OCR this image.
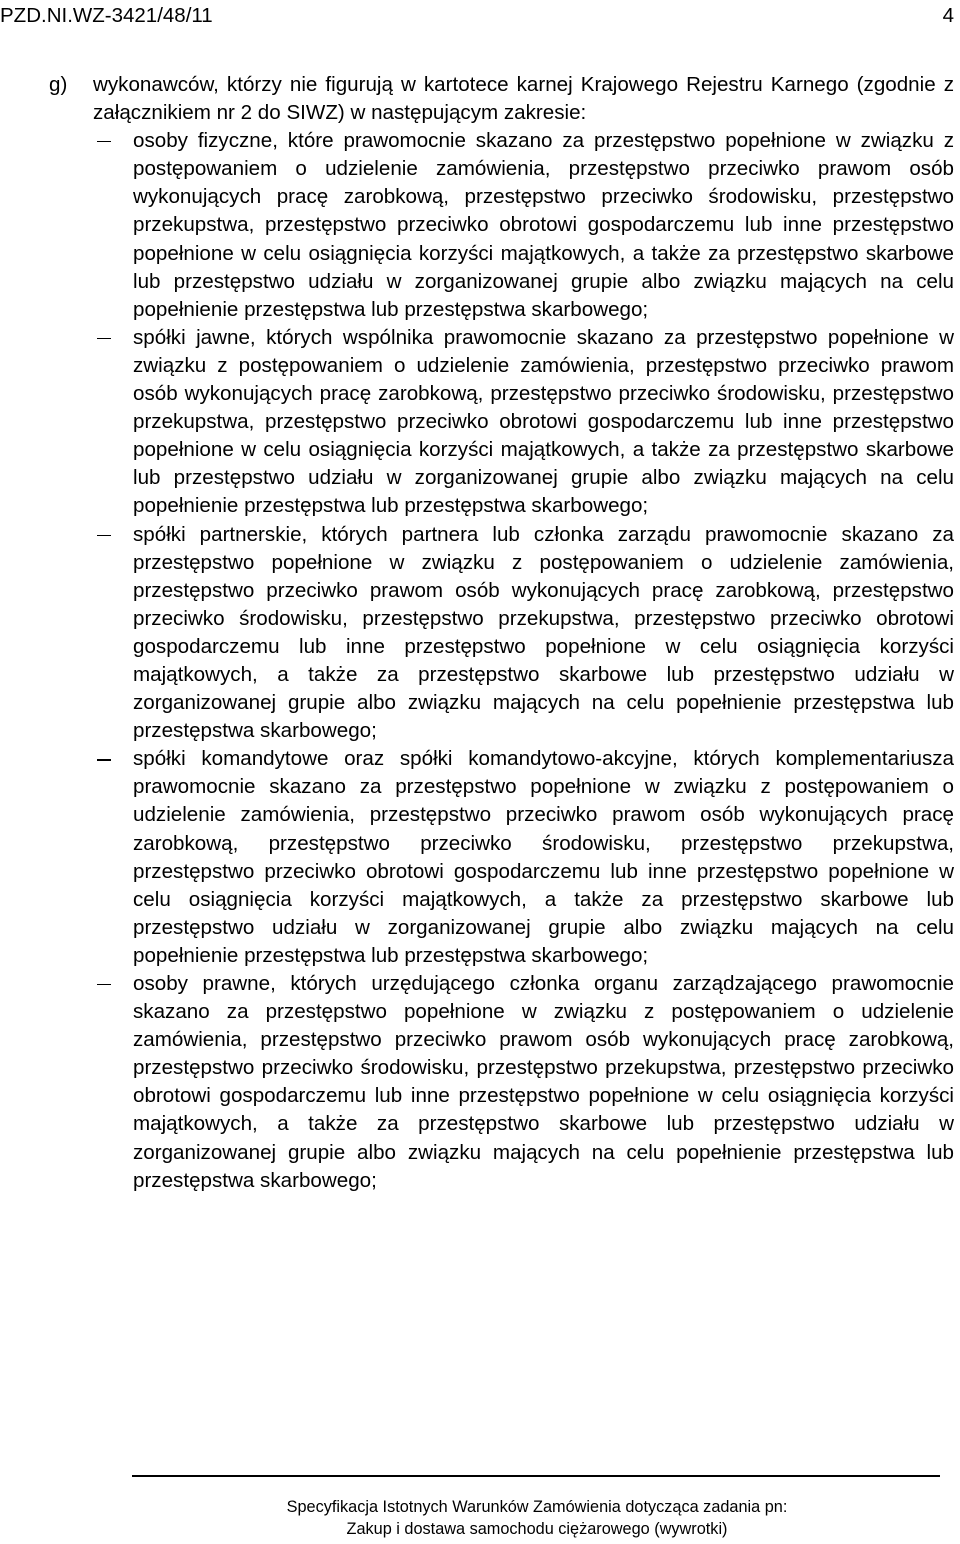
PZD.NI.WZ-3421/48/11	4
g) wykonawców, którzy nie figurują w kartotece karnej Krajowego Rejestru Karnego (zgodnie z załącznikiem nr 2 do SIWZ) w następującym zakresie:
osoby fizyczne, które prawomocnie skazano za przestępstwo popełnione w związku z postępowaniem o udzielenie zamówienia, przestępstwo przeciwko prawom osób wykonujących pracę zarobkową, przestępstwo przeciwko środowisku, przestępstwo przekupstwa, przestępstwo przeciwko obrotowi gospodarczemu lub inne przestępstwo popełnione w celu osiągnięcia korzyści majątkowych, a także za przestępstwo skarbowe lub przestępstwo udziału w zorganizowanej grupie albo związku mających na celu popełnienie przestępstwa lub przestępstwa skarbowego;
spółki jawne, których wspólnika prawomocnie skazano za przestępstwo popełnione w związku z postępowaniem o udzielenie zamówienia, przestępstwo przeciwko prawom osób wykonujących pracę zarobkową, przestępstwo przeciwko środowisku, przestępstwo przekupstwa, przestępstwo przeciwko obrotowi gospodarczemu lub inne przestępstwo popełnione w celu osiągnięcia korzyści majątkowych, a także za przestępstwo skarbowe lub przestępstwo udziału w zorganizowanej grupie albo związku mających na celu popełnienie przestępstwa lub przestępstwa skarbowego;
spółki partnerskie, których partnera lub członka zarządu prawomocnie skazano za przestępstwo popełnione w związku z postępowaniem o udzielenie zamówienia, przestępstwo przeciwko prawom osób wykonujących pracę zarobkową, przestępstwo przeciwko środowisku, przestępstwo przekupstwa, przestępstwo przeciwko obrotowi gospodarczemu lub inne przestępstwo popełnione w celu osiągnięcia korzyści majątkowych, a także za przestępstwo skarbowe lub przestępstwo udziału w zorganizowanej grupie albo związku mających na celu popełnienie przestępstwa lub przestępstwa skarbowego;
spółki komandytowe oraz spółki komandytowo-akcyjne, których komplementariusza prawomocnie skazano za przestępstwo popełnione w związku z postępowaniem o udzielenie zamówienia, przestępstwo przeciwko prawom osób wykonujących pracę zarobkową, przestępstwo przeciwko środowisku, przestępstwo przekupstwa, przestępstwo przeciwko obrotowi gospodarczemu lub inne przestępstwo popełnione w celu osiągnięcia korzyści majątkowych, a także za przestępstwo skarbowe lub przestępstwo udziału w zorganizowanej grupie albo związku mających na celu popełnienie przestępstwa lub przestępstwa skarbowego;
osoby prawne, których urzędującego członka organu zarządzającego prawomocnie skazano za przestępstwo popełnione w związku z postępowaniem o udzielenie zamówienia, przestępstwo przeciwko prawom osób wykonujących pracę zarobkową, przestępstwo przeciwko środowisku, przestępstwo przekupstwa, przestępstwo przeciwko obrotowi gospodarczemu lub inne przestępstwo popełnione w celu osiągnięcia korzyści majątkowych, a także za przestępstwo skarbowe lub przestępstwo udziału w zorganizowanej grupie albo związku mających na celu popełnienie przestępstwa lub przestępstwa skarbowego;
Specyfikacja Istotnych Warunków Zamówienia dotycząca zadania pn:
Zakup i dostawa samochodu ciężarowego (wywrotki)
